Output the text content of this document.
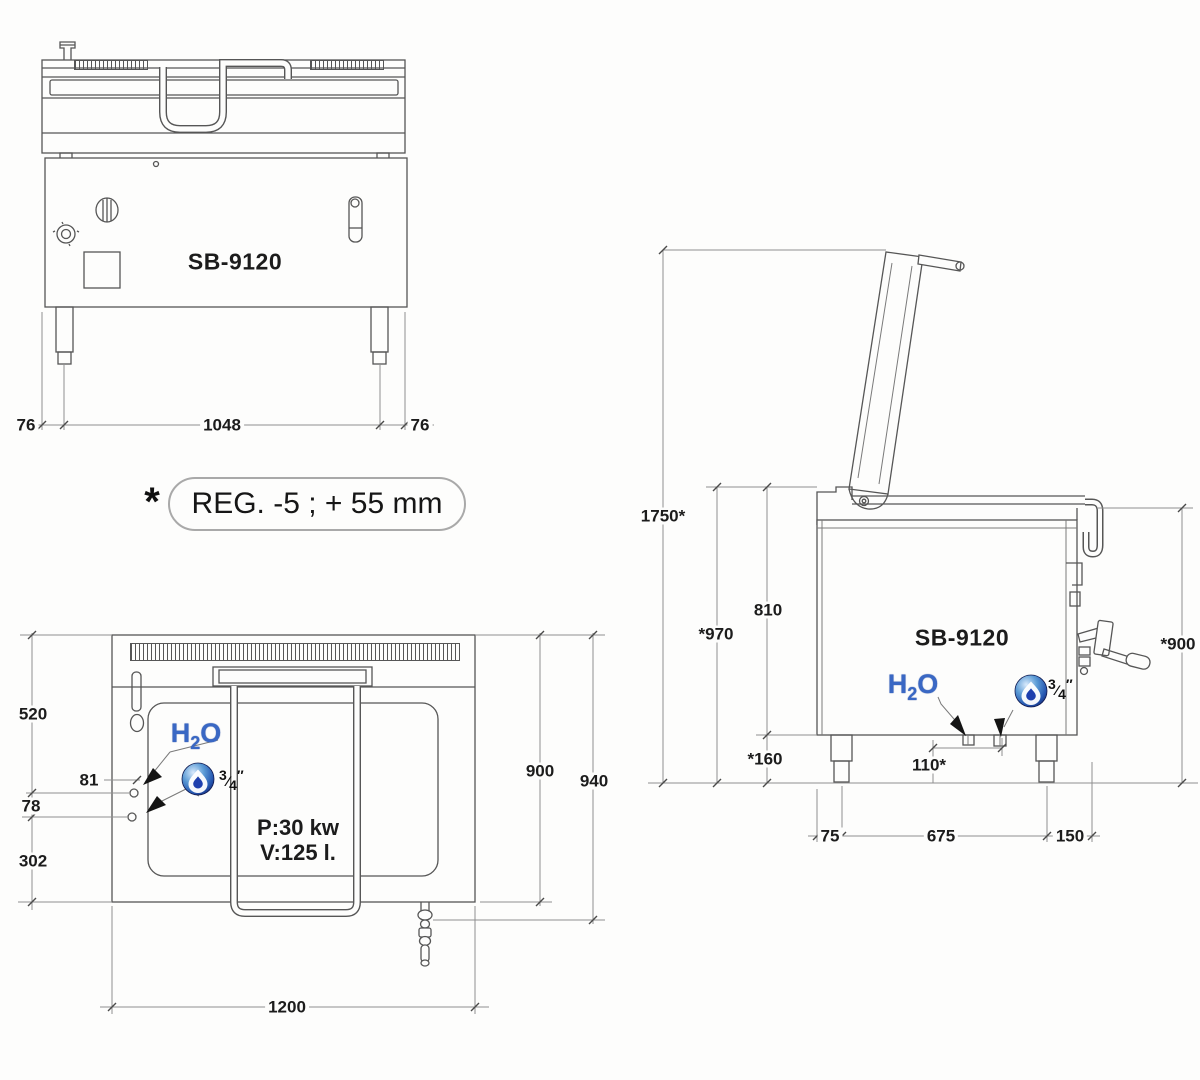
SB-9120
76	1048	76
*	REG. -5 ; + 55 mm
520
81
78
302
900
940
1200
P:30 kw
V:125 l.
$H_2O$
3⁄4″
1750*
*970
810
*160
*900
110*
75	675	150
SB-9120
$H_2O$	3⁄4″
